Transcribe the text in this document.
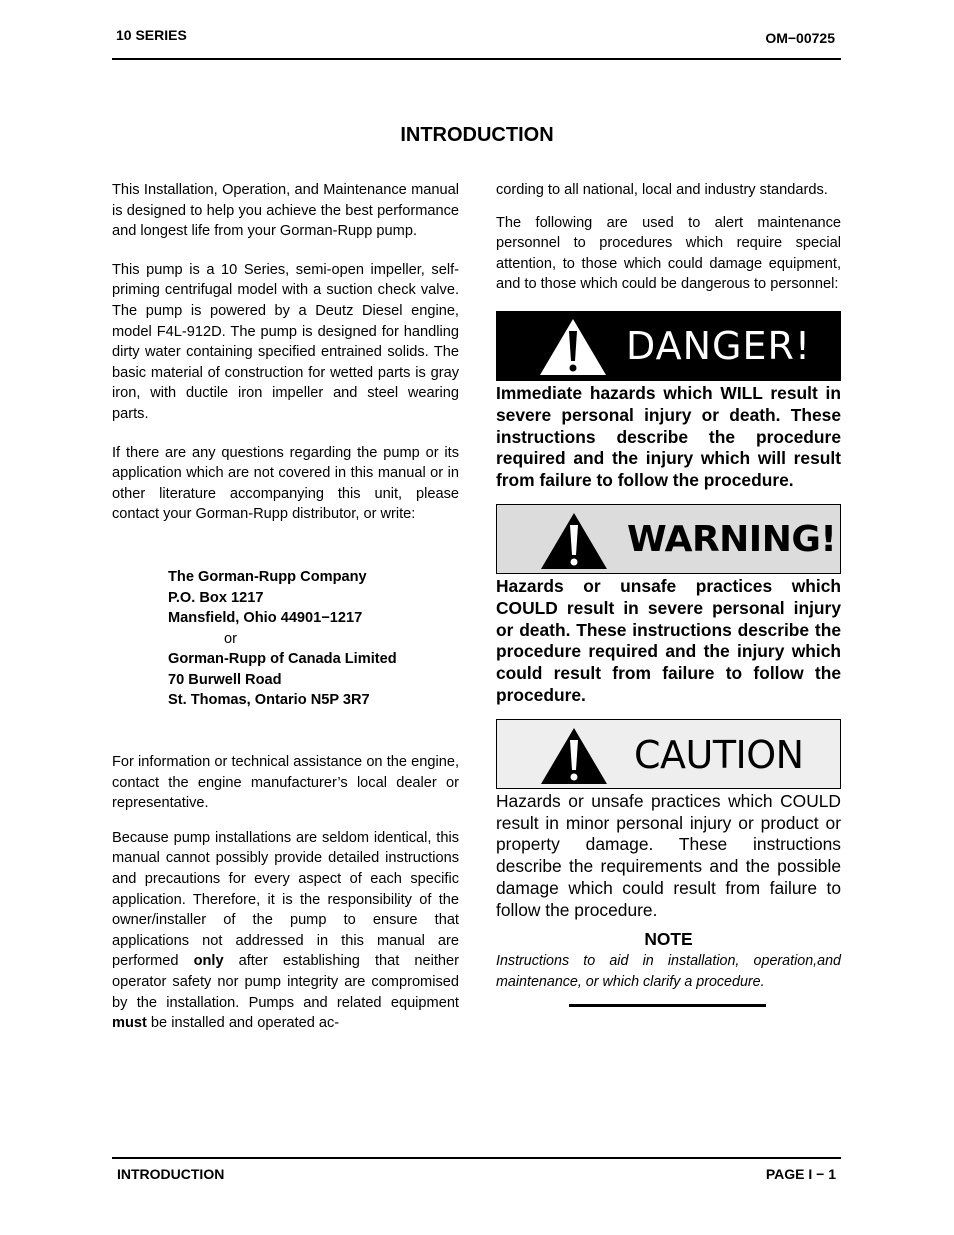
10 SERIES	OM−00725
INTRODUCTION

This Installation, Operation, and Maintenance manual is designed to help you achieve the best performance and longest life from your Gorman-Rupp pump.

This pump is a 10 Series, semi-open impeller, self-priming centrifugal model with a suction check valve. The pump is powered by a Deutz Diesel engine, model F4L-912D. The pump is designed for handling dirty water containing specified entrained solids. The basic material of construction for wetted parts is gray iron, with ductile iron impeller and steel wearing parts.

If there are any questions regarding the pump or its application which are not covered in this manual or in other literature accompanying this unit, please contact your Gorman-Rupp distributor, or write:

The Gorman-Rupp Company
P.O. Box 1217
Mansfield, Ohio 44901−1217
or
Gorman-Rupp of Canada Limited
70 Burwell Road
St. Thomas, Ontario N5P 3R7

For information or technical assistance on the engine, contact the engine manufacturer’s local dealer or representative.

Because pump installations are seldom identical, this manual cannot possibly provide detailed instructions and precautions for every aspect of each specific application. Therefore, it is the responsibility of the owner/installer of the pump to ensure that applications not addressed in this manual are performed only after establishing that neither operator safety nor pump integrity are compromised by the installation. Pumps and related equipment must be installed and operated ac-

cording to all national, local and industry standards.

The following are used to alert maintenance personnel to procedures which require special attention, to those which could damage equipment, and to those which could be dangerous to personnel:

DANGER!

Immediate hazards which WILL result in severe personal injury or death. These instructions describe the procedure required and the injury which will result from failure to follow the procedure.

WARNING!

Hazards or unsafe practices which COULD result in severe personal injury or death. These instructions describe the procedure required and the injury which could result from failure to follow the procedure.

CAUTION

Hazards or unsafe practices which COULD result in minor personal injury or product or property damage. These instructions describe the requirements and the possible damage which could result from failure to follow the procedure.

NOTE

Instructions to aid in installation, operation,and maintenance, or which clarify a procedure.

INTRODUCTION	PAGE I − 1
